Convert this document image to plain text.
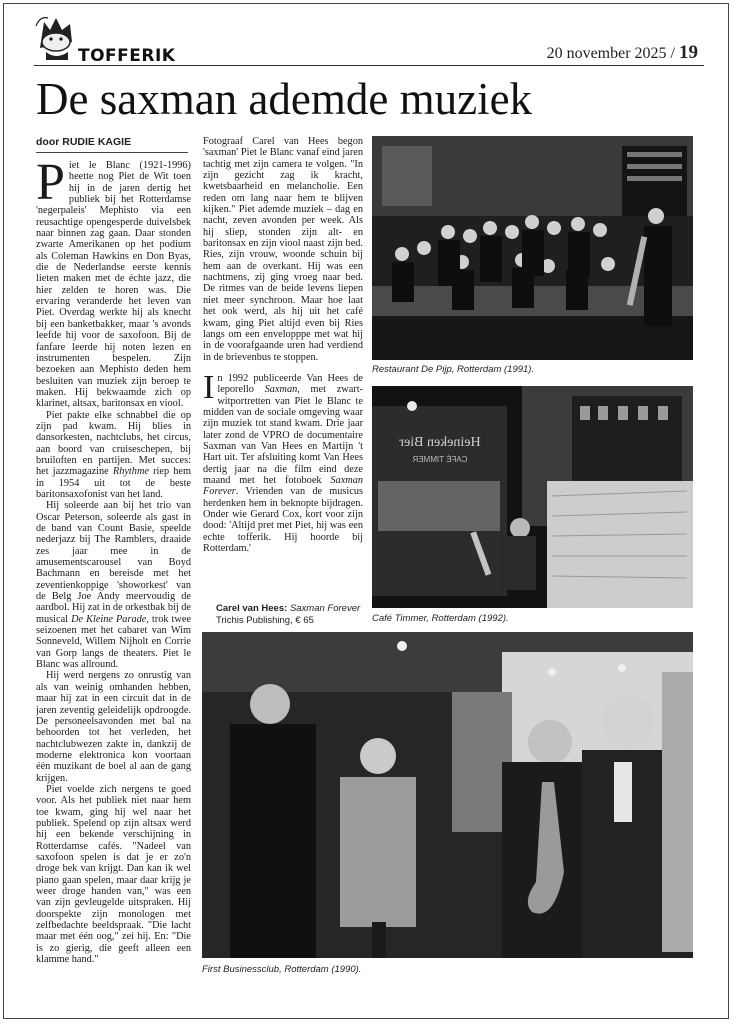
TOFFERIK	20 november 2025 / 19
De saxman ademde muziek
door RUDIE KAGIE

Piet le Blanc (1921-1996) heette nog Piet de Wit toen hij in de jaren dertig het publiek bij het Rotterdamse 'negerpaleis' Mephisto via een reusachtige opengesperde duivelsbek naar binnen zag gaan. Daar stonden zwarte Amerikanen op het podium als Coleman Hawkins en Don Byas, die de Nederlandse eerste kennis lieten maken met de échte jazz, die hier zelden te horen was. Die ervaring veranderde het leven van Piet. Overdag werkte hij als knecht bij een banketbakker, maar 's avonds leefde hij voor de saxofoon. Bij de fanfare leerde hij noten lezen en instrumenten bespelen. Zijn bezoeken aan Mephisto deden hem besluiten van muziek zijn beroep te maken. Hij bekwaamde zich op klarinet, altsax, baritonsax en viool.

Piet pakte elke schnabbel die op zijn pad kwam. Hij blies in dansorkesten, nachtclubs, het circus, aan boord van cruiseschepen, bij bruiloften en partijen. Met succes: het jazzmagazine Rhythme riep hem in 1954 uit tot de beste baritonsaxofonist van het land.

Hij soleerde aan bij het trio van Oscar Peterson, soleerde als gast in de band van Count Basie, speelde nederjazz bij The Ramblers, draaide zes jaar mee in de amusementscarousel van Boyd Bachmann en bereisde met het zeventienkoppige 'showorkest' van de Belg Joe Andy meervoudig de aardbol. Hij zat in de orkestbak bij de musical De Kleine Parade, trok twee seizoenen met het cabaret van Wim Sonneveld, Willem Nijholt en Corrie van Gorp langs de theaters. Piet le Blanc was allround.

Hij werd nergens zo onrustig van als van weinig omhanden hebben, maar hij zat in een circuit dat in de jaren zeventig geleidelijk opdroogde. De personeelsavonden met bal na behoorden tot het verleden, het nachtclubwezen zakte in, dankzij de moderne elektronica kon voortaan één muzikant de boel al aan de gang krijgen.

Piet voelde zich nergens te goed voor. Als het publiek niet naar hem toe kwam, ging hij wel naar het publiek. Spelend op zijn altsax werd hij een bekende verschijning in Rotterdamse cafés. "Nadeel van saxofoon spelen is dat je er zo'n droge bek van krijgt. Dan kan ik wel piano gaan spelen, maar daar krijg je weer droge handen van," was een van zijn gevleugelde uitspraken. Hij doorspekte zijn monologen met zelfbedachte beeldspraak. "Die lacht maar met één oog," zei hij. En: "Die is zo gierig, die geeft alleen een klamme hand."

Fotograaf Carel van Hees begon 'saxman' Piet le Blanc vanaf eind jaren tachtig met zijn camera te volgen. "In zijn gezicht zag ik kracht, kwetsbaarheid en melancholie. Een reden om lang naar hem te blijven kijken." Piet ademde muziek – dag en nacht, zeven avonden per week. Als hij sliep, stonden zijn alt- en baritonsax en zijn viool naast zijn bed. Ries, zijn vrouw, woonde schuin bij hem aan de overkant. Hij was een nachtmens, zij ging vroeg naar bed. De ritmes van de beide levens liepen niet meer synchroon. Maar hoe laat het ook werd, als hij uit het café kwam, ging Piet altijd even bij Ries langs om een envelopppe met wat hij in de voorafgaande uren had verdiend in de brievenbus te stoppen.

In 1992 publiceerde Van Hees de leporello Saxman, met zwart-witportretten van Piet le Blanc te midden van de sociale omgeving waar zijn muziek tot stand kwam. Drie jaar later zond de VPRO de documentaire Saxman van Van Hees en Martijn 't Hart uit. Ter afsluiting komt Van Hees dertig jaar na die film eind deze maand met het fotoboek Saxman Forever. Vrienden van de musicus herdenken hem in beknopte bijdragen. Onder wie Gerard Cox, kort voor zijn dood: 'Altijd pret met Piet, hij was een echte tofferik. Hij hoorde bij Rotterdam.'

Carel van Hees: Saxman Forever
Trichis Publishing, € 65
Restaurant De Pijp, Rotterdam (1991).
Heineken Bier
CAFÉ TIMMER
Café Timmer, Rotterdam (1992).
First Businessclub, Rotterdam (1990).
